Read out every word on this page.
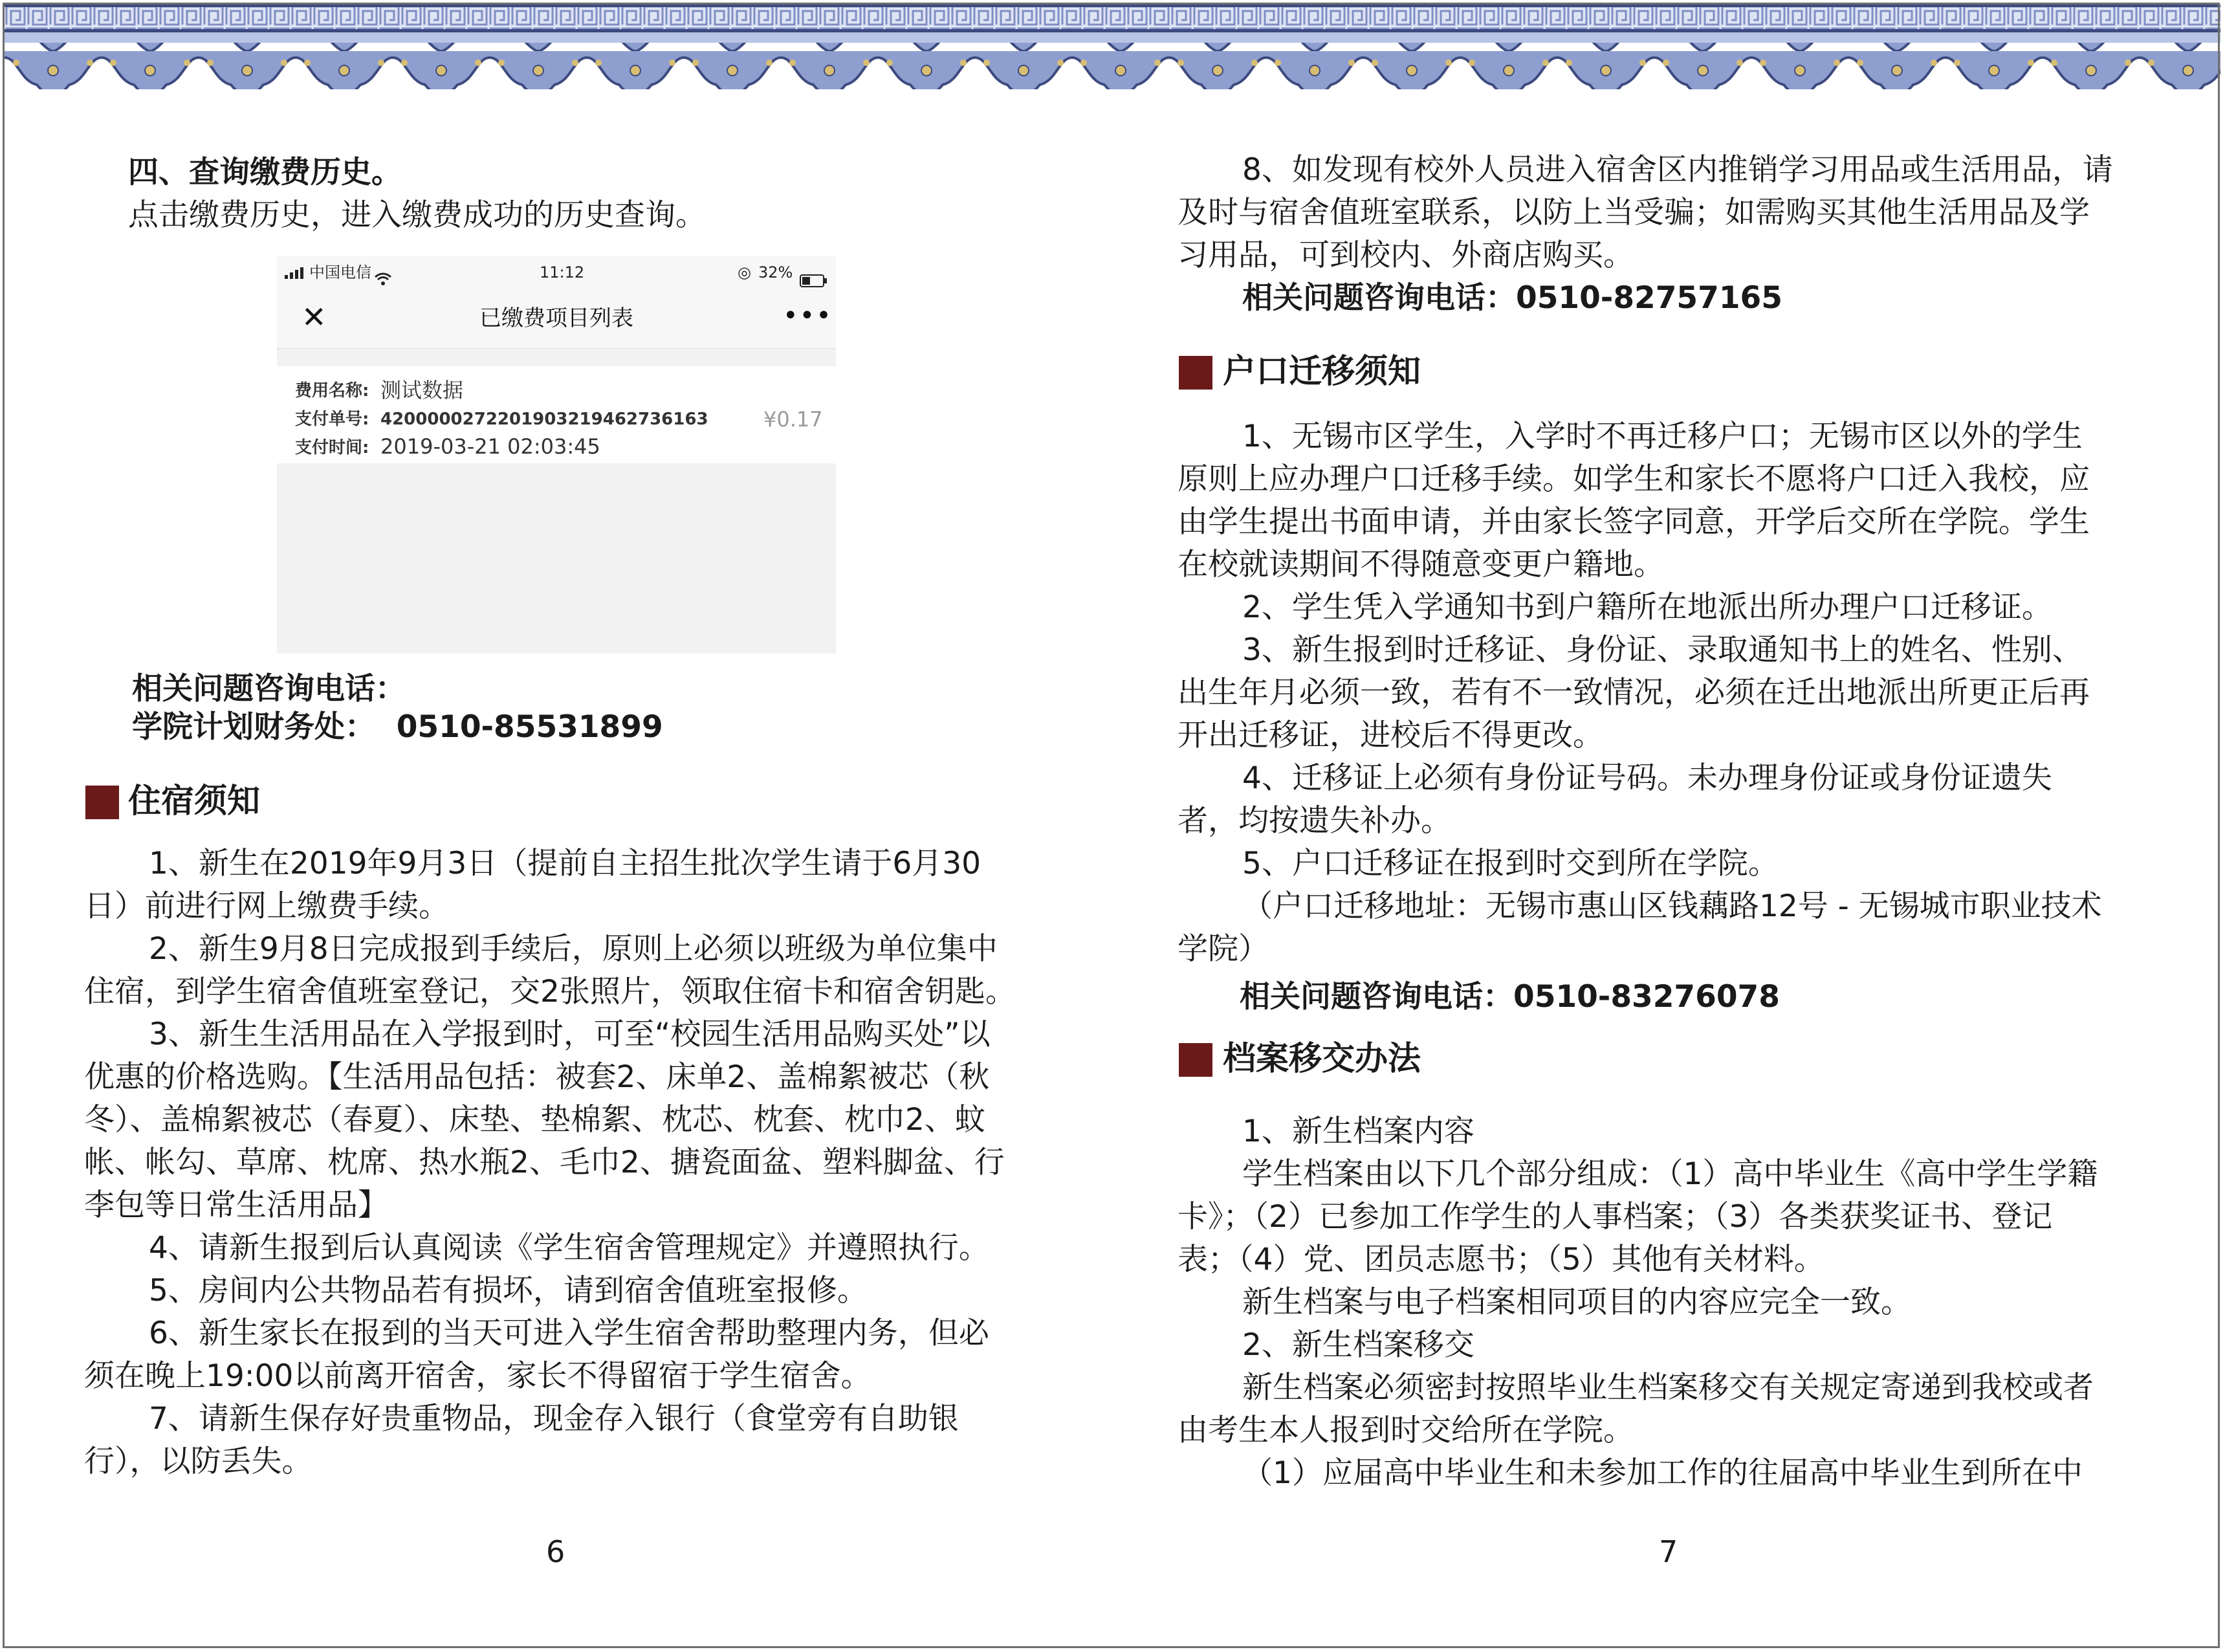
四、查询缴费历史。
点击缴费历史，进入缴费成功的历史查询。
中国电信	11:12	◎ 32%
✕	已缴费项目列表	•••
费用名称: 测试数据
支付单号: 4200000272201903219462736163
支付时间: 2019-03-21 02:03:45
¥0.17
相关问题咨询电话：
学院计划财务处：  0510-85531899
住宿须知
1、新生在2019年9月3日（提前自主招生批次学生请于6月30
日）前进行网上缴费手续。
2、新生9月8日完成报到手续后，原则上必须以班级为单位集中
住宿，到学生宿舍值班室登记，交2张照片，领取住宿卡和宿舍钥匙。
3、新生生活用品在入学报到时，可至“校园生活用品购买处”以
优惠的价格选购。【生活用品包括：被套2、床单2、盖棉絮被芯（秋
冬）、盖棉絮被芯（春夏）、床垫、垫棉絮、枕芯、枕套、枕巾2、蚊
帐、帐勾、草席、枕席、热水瓶2、毛巾2、搪瓷面盆、塑料脚盆、行
李包等日常生活用品】
4、请新生报到后认真阅读《学生宿舍管理规定》并遵照执行。
5、房间内公共物品若有损坏，请到宿舍值班室报修。
6、新生家长在报到的当天可进入学生宿舍帮助整理内务，但必
须在晚上19:00以前离开宿舍，家长不得留宿于学生宿舍。
7、请新生保存好贵重物品，现金存入银行（食堂旁有自助银
行），以防丢失。
6
8、如发现有校外人员进入宿舍区内推销学习用品或生活用品，请
及时与宿舍值班室联系，以防上当受骗；如需购买其他生活用品及学
习用品，可到校内、外商店购买。
相关问题咨询电话：0510-82757165
户口迁移须知
1、无锡市区学生，入学时不再迁移户口；无锡市区以外的学生
原则上应办理户口迁移手续。如学生和家长不愿将户口迁入我校，应
由学生提出书面申请，并由家长签字同意，开学后交所在学院。学生
在校就读期间不得随意变更户籍地。
2、学生凭入学通知书到户籍所在地派出所办理户口迁移证。
3、新生报到时迁移证、身份证、录取通知书上的姓名、性别、
出生年月必须一致，若有不一致情况，必须在迁出地派出所更正后再
开出迁移证，进校后不得更改。
4、迁移证上必须有身份证号码。未办理身份证或身份证遗失
者，均按遗失补办。
5、户口迁移证在报到时交到所在学院。
（户口迁移地址：无锡市惠山区钱藕路12号 - 无锡城市职业技术
学院）
相关问题咨询电话：0510-83276078
档案移交办法
1、新生档案内容
学生档案由以下几个部分组成：（1）高中毕业生《高中学生学籍
卡》；（2）已参加工作学生的人事档案；（3）各类获奖证书、登记
表；（4）党、团员志愿书；（5）其他有关材料。
新生档案与电子档案相同项目的内容应完全一致。
2、新生档案移交
新生档案必须密封按照毕业生档案移交有关规定寄递到我校或者
由考生本人报到时交给所在学院。
（1）应届高中毕业生和未参加工作的往届高中毕业生到所在中
7
